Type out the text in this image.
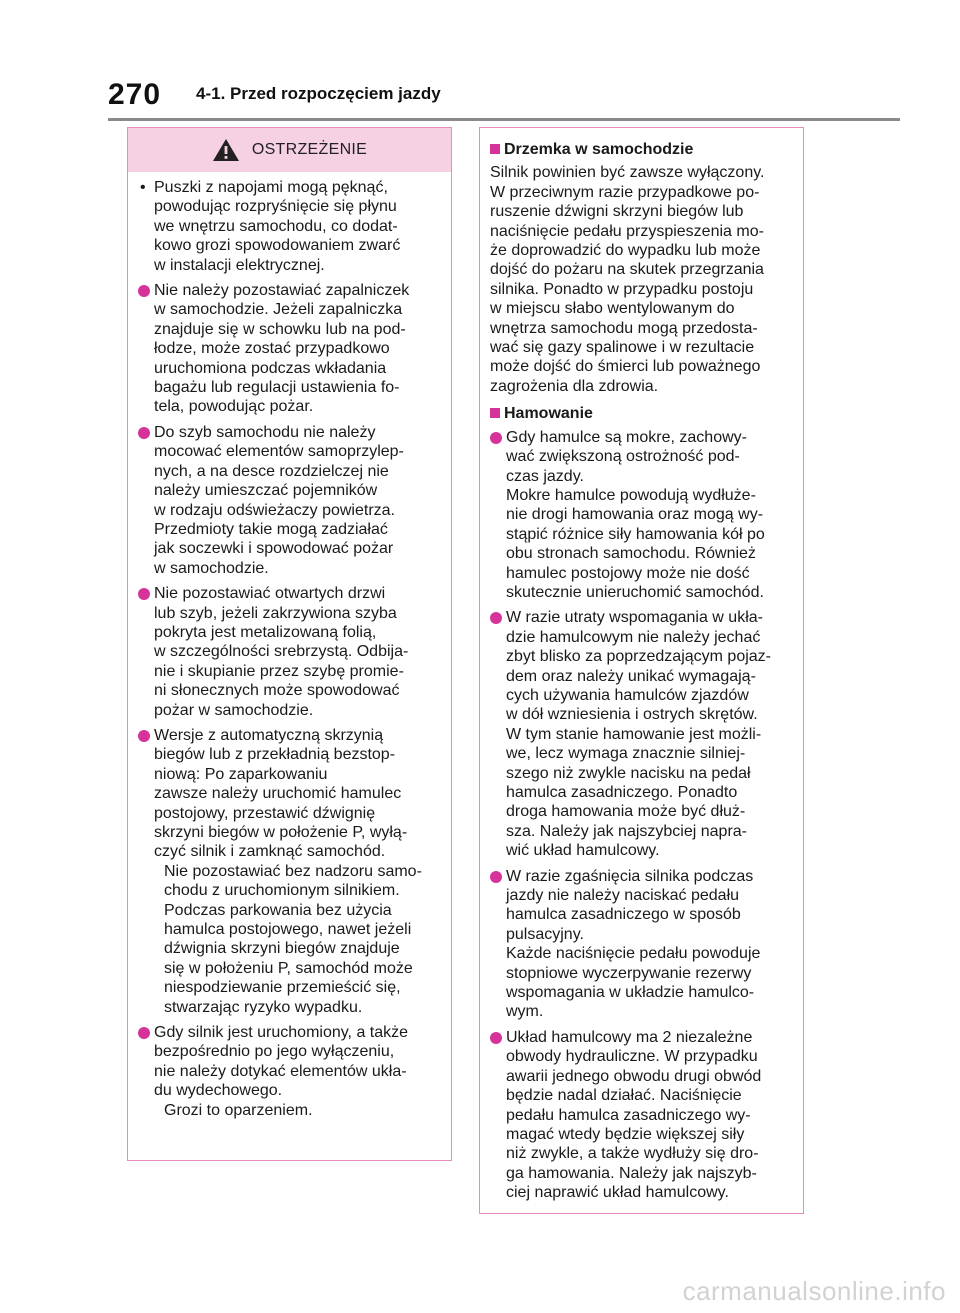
270 4-1. Przed rozpoczęciem jazdy
OSTRZEŻENIE
• Puszki z napojami mogą pęknąć,
powodując rozpryśnięcie się płynu
we wnętrzu samochodu, co dodat-
kowo grozi spowodowaniem zwarć
w instalacji elektrycznej.
Nie należy pozostawiać zapalniczek
w samochodzie. Jeżeli zapalniczka
znajduje się w schowku lub na pod-
łodze, może zostać przypadkowo
uruchomiona podczas wkładania
bagażu lub regulacji ustawienia fo-
tela, powodując pożar.
Do szyb samochodu nie należy
mocować elementów samoprzylep-
nych, a na desce rozdzielczej nie
należy umieszczać pojemników
w rodzaju odświeżaczy powietrza.
Przedmioty takie mogą zadziałać
jak soczewki i spowodować pożar
w samochodzie.
Nie pozostawiać otwartych drzwi
lub szyb, jeżeli zakrzywiona szyba
pokryta jest metalizowaną folią,
w szczególności srebrzystą. Odbija-
nie i skupianie przez szybę promie-
ni słonecznych może spowodować
pożar w samochodzie.
Wersje z automatyczną skrzynią
biegów lub z przekładnią bezstop-
niową: Po zaparkowaniu
zawsze należy uruchomić hamulec
postojowy, przestawić dźwignię
skrzyni biegów w położenie P, wyłą-
czyć silnik i zamknąć samochód.
Nie pozostawiać bez nadzoru samo-
chodu z uruchomionym silnikiem.
Podczas parkowania bez użycia
hamulca postojowego, nawet jeżeli
dźwignia skrzyni biegów znajduje
się w położeniu P, samochód może
niespodziewanie przemieścić się,
stwarzając ryzyko wypadku.
Gdy silnik jest uruchomiony, a także
bezpośrednio po jego wyłączeniu,
nie należy dotykać elementów ukła-
du wydechowego.
Grozi to oparzeniem.
Drzemka w samochodzie
Silnik powinien być zawsze wyłączony.
W przeciwnym razie przypadkowe po-
ruszenie dźwigni skrzyni biegów lub
naciśnięcie pedału przyspieszenia mo-
że doprowadzić do wypadku lub może
dojść do pożaru na skutek przegrzania
silnika. Ponadto w przypadku postoju
w miejscu słabo wentylowanym do
wnętrza samochodu mogą przedosta-
wać się gazy spalinowe i w rezultacie
może dojść do śmierci lub poważnego
zagrożenia dla zdrowia.
Hamowanie
Gdy hamulce są mokre, zachowy-
wać zwiększoną ostrożność pod-
czas jazdy.
Mokre hamulce powodują wydłuże-
nie drogi hamowania oraz mogą wy-
stąpić różnice siły hamowania kół po
obu stronach samochodu. Również
hamulec postojowy może nie dość
skutecznie unieruchomić samochód.
W razie utraty wspomagania w ukła-
dzie hamulcowym nie należy jechać
zbyt blisko za poprzedzającym pojaz-
dem oraz należy unikać wymagają-
cych używania hamulców zjazdów
w dół wzniesienia i ostrych skrętów.
W tym stanie hamowanie jest możli-
we, lecz wymaga znacznie silniej-
szego niż zwykle nacisku na pedał
hamulca zasadniczego. Ponadto
droga hamowania może być dłuż-
sza. Należy jak najszybciej napra-
wić układ hamulcowy.
W razie zgaśnięcia silnika podczas
jazdy nie należy naciskać pedału
hamulca zasadniczego w sposób
pulsacyjny.
Każde naciśnięcie pedału powoduje
stopniowe wyczerpywanie rezerwy
wspomagania w układzie hamulco-
wym.
Układ hamulcowy ma 2 niezależne
obwody hydrauliczne. W przypadku
awarii jednego obwodu drugi obwód
będzie nadal działać. Naciśnięcie
pedału hamulca zasadniczego wy-
magać wtedy będzie większej siły
niż zwykle, a także wydłuży się dro-
ga hamowania. Należy jak najszyb-
ciej naprawić układ hamulcowy.
carmanualsonline.info
